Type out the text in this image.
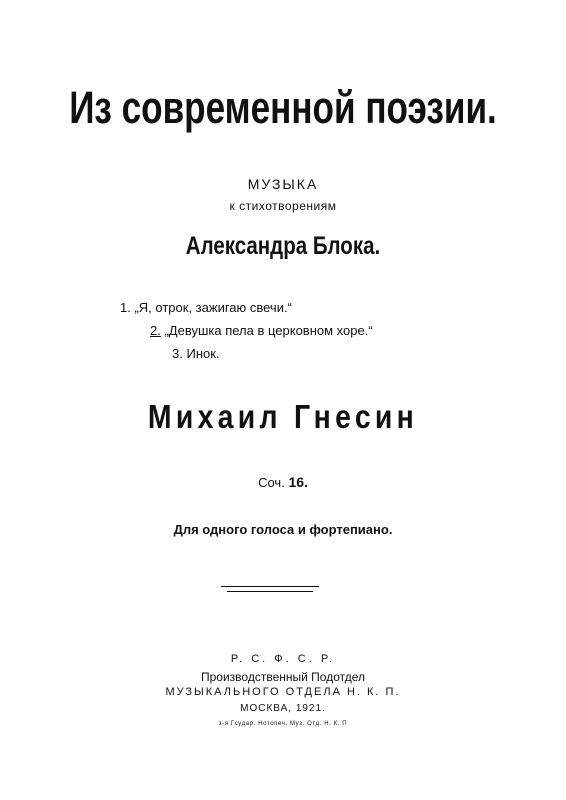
Из современной поэзии.
МУЗЫКА
к стихотворениям
Александра Блока.
1. „Я, отрок, зажигаю свечи.“
2. „Девушка пела в церковном хоре.“
3. Инок.
Михаил Гнесин
Соч. 16.
Для одного голоса и фортепиано.
Р. С. Ф. С. Р.
Производственный Подотдел
МУЗЫКАЛЬНОГО ОТДЕЛА Н. К. П.
МОСКВА, 1921.
з-я Гсудар. Нотопеч. Муз. Отд. Н. К. П
